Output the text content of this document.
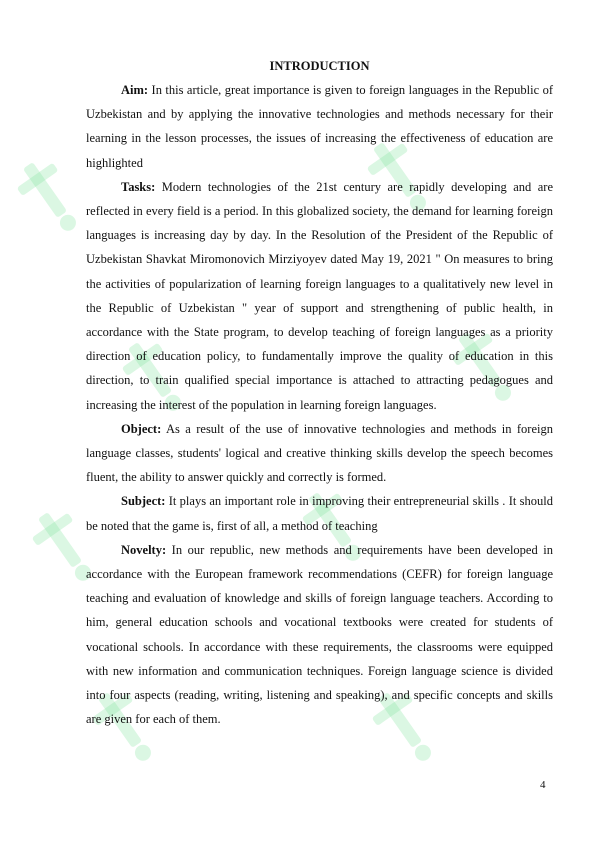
INTRODUCTION

Aim: In this article, great importance is given to foreign languages in the Republic of Uzbekistan and by applying the innovative technologies and methods necessary for their learning in the lesson processes, the issues of increasing the effectiveness of education are highlighted

Tasks: Modern technologies of the 21st century are rapidly developing and are reflected in every field is a period. In this globalized society, the demand for learning foreign languages is increasing day by day. In the Resolution of the President of the Republic of Uzbekistan Shavkat Miromonovich Mirziyoyev dated May 19, 2021 " On measures to bring the activities of popularization of learning foreign languages to a qualitatively new level in the Republic of Uzbekistan " year of support and strengthening of public health, in accordance with the State program, to develop teaching of foreign languages as a priority direction of education policy, to fundamentally improve the quality of education in this direction, to train qualified special importance is attached to attracting pedagogues and increasing the interest of the population in learning foreign languages.

Object: As a result of the use of innovative technologies and methods in foreign language classes, students' logical and creative thinking skills develop the speech becomes fluent, the ability to answer quickly and correctly is formed.

Subject: It plays an important role in improving their entrepreneurial skills . It should be noted that the game is, first of all, a method of teaching

Novelty: In our republic, new methods and requirements have been developed in accordance with the European framework recommendations (CEFR) for foreign language teaching and evaluation of knowledge and skills of foreign language teachers. According to him, general education schools and vocational textbooks were created for students of vocational schools. In accordance with these requirements, the classrooms were equipped with new information and communication techniques. Foreign language science is divided into four aspects (reading, writing, listening and speaking), and specific concepts and skills are given for each of them.

4
